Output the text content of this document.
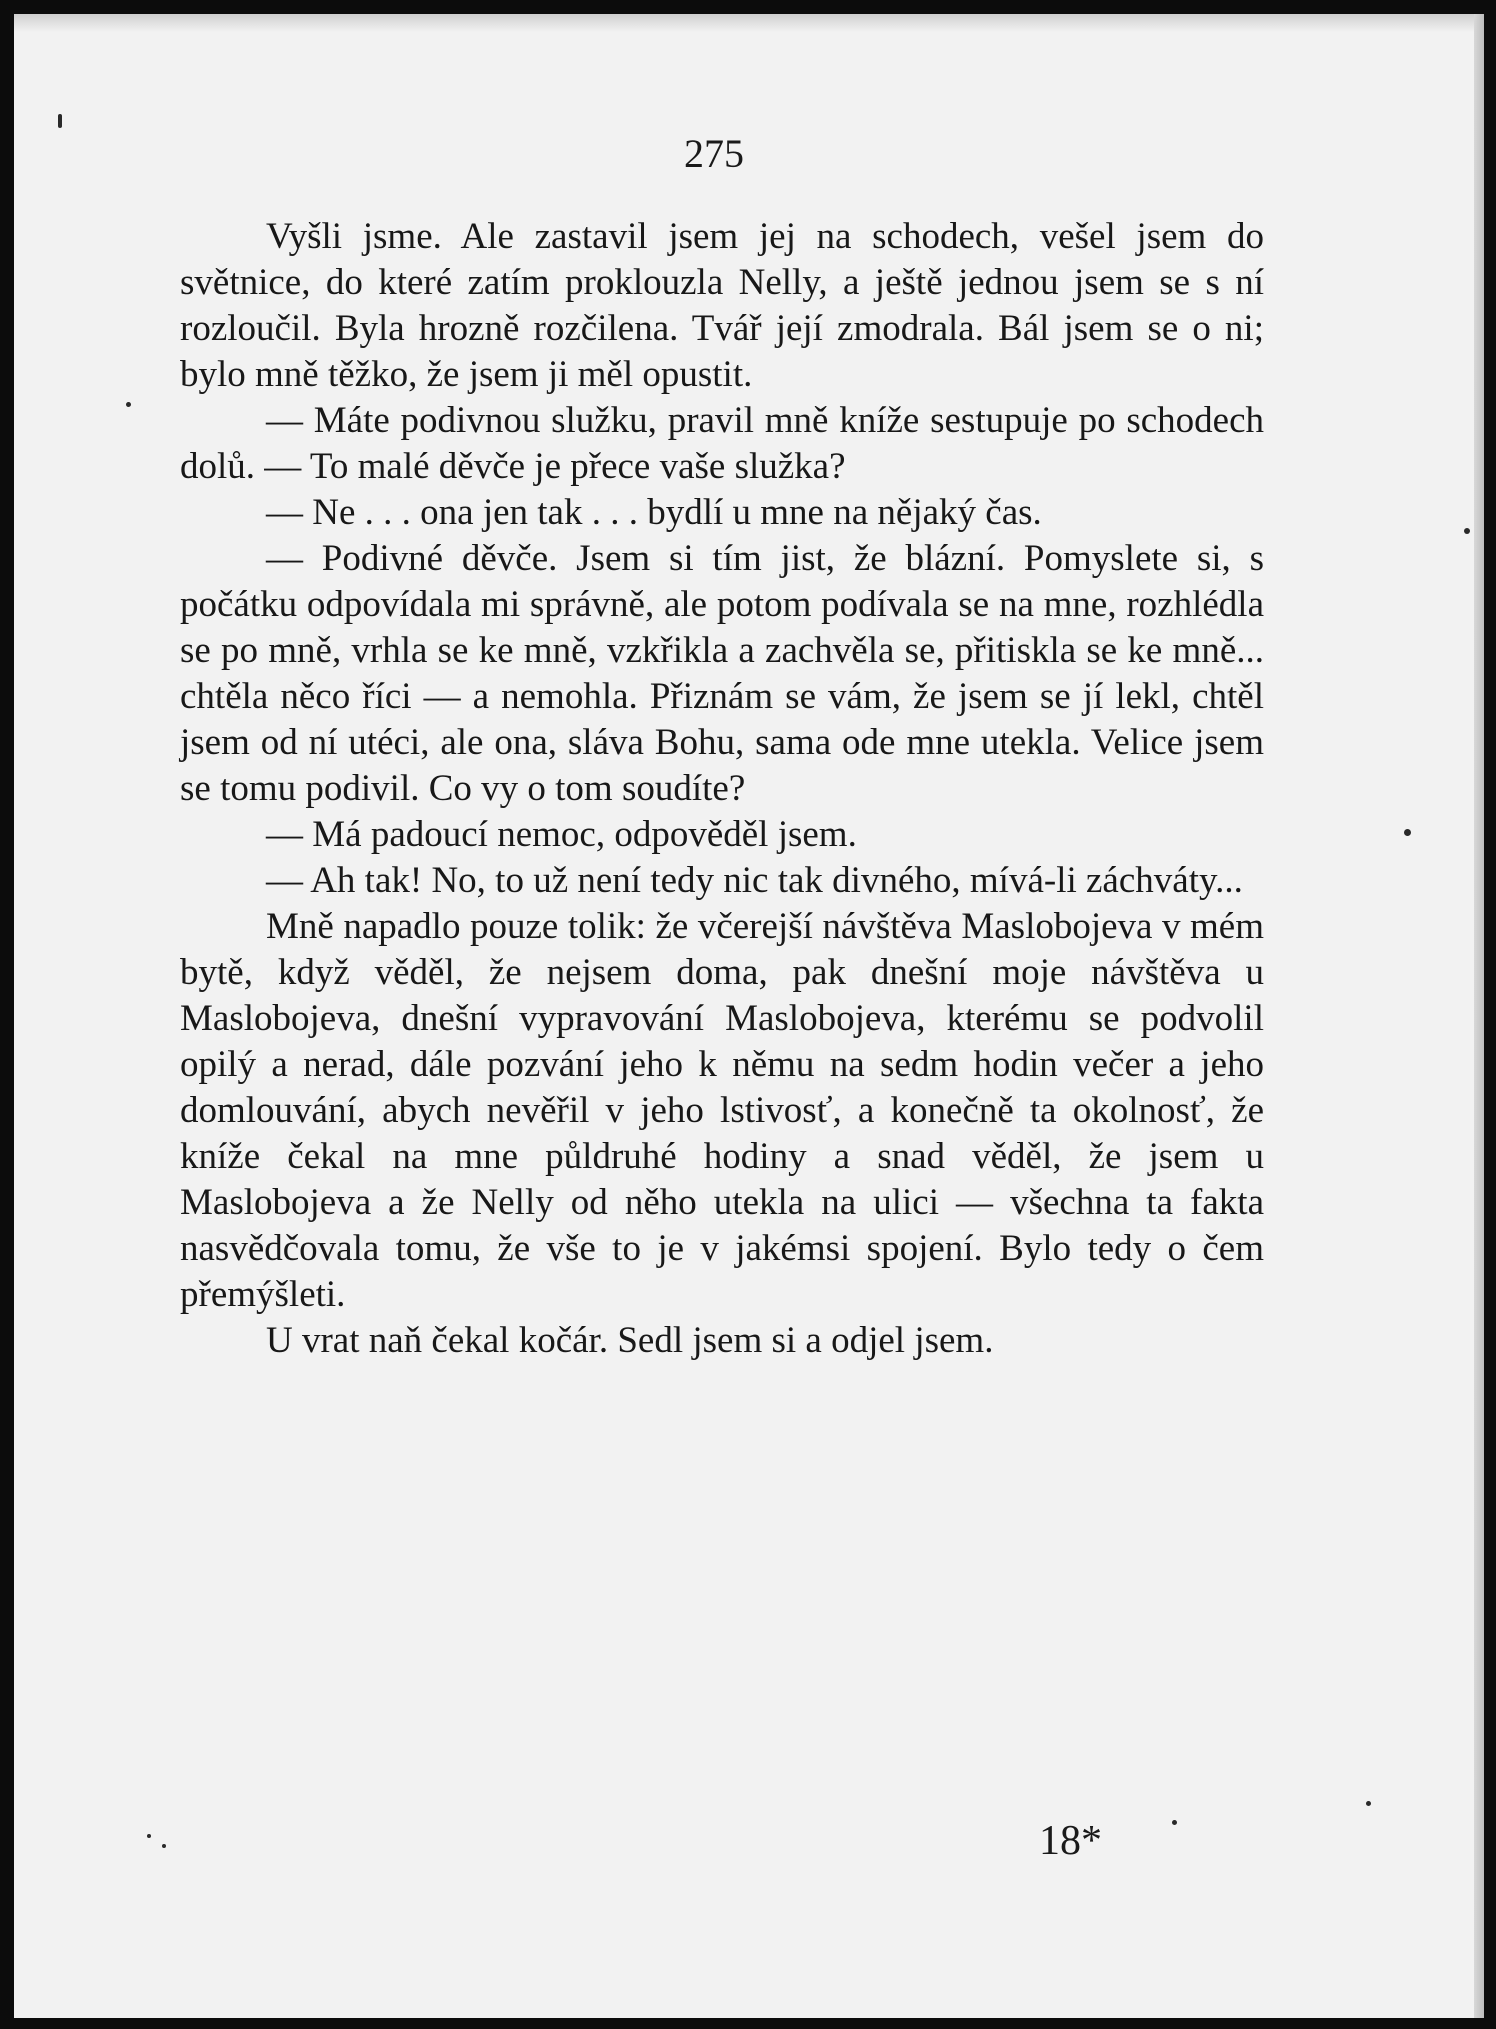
275

Vyšli jsme. Ale zastavil jsem jej na schodech, vešel jsem do světnice, do které zatím proklouzla Nelly, a ještě jednou jsem se s ní rozloučil. Byla hrozně rozčilena. Tvář její zmodrala. Bál jsem se o ni; bylo mně těžko, že jsem ji měl opustit.

— Máte podivnou služku, pravil mně kníže sestupuje po schodech dolů. — To malé děvče je přece vaše služka?

— Ne . . . ona jen tak . . . bydlí u mne na nějaký čas.

— Podivné děvče. Jsem si tím jist, že blázní. Pomyslete si, s počátku odpovídala mi správně, ale potom podívala se na mne, rozhlédla se po mně, vrhla se ke mně, vzkřikla a zachvěla se, přitiskla se ke mně... chtěla něco říci — a nemohla. Přiznám se vám, že jsem se jí lekl, chtěl jsem od ní utéci, ale ona, sláva Bohu, sama ode mne utekla. Velice jsem se tomu podivil. Co vy o tom soudíte?

— Má padoucí nemoc, odpověděl jsem.

— Ah tak! No, to už není tedy nic tak divného, mívá-li záchváty...

Mně napadlo pouze tolik: že včerejší návštěva Maslobojeva v mém bytě, když věděl, že nejsem doma, pak dnešní moje návštěva u Maslobojeva, dnešní vypravování Maslobojeva, kterému se podvolil opilý a nerad, dále pozvání jeho k němu na sedm hodin večer a jeho domlouvání, abych nevěřil v jeho lstivosť, a konečně ta okolnosť, že kníže čekal na mne půldruhé hodiny a snad věděl, že jsem u Maslobojeva a že Nelly od něho utekla na ulici — všechna ta fakta nasvědčovala tomu, že vše to je v jakémsi spojení. Bylo tedy o čem přemýšleti.

U vrat naň čekal kočár. Sedl jsem si a odjel jsem.

18*
